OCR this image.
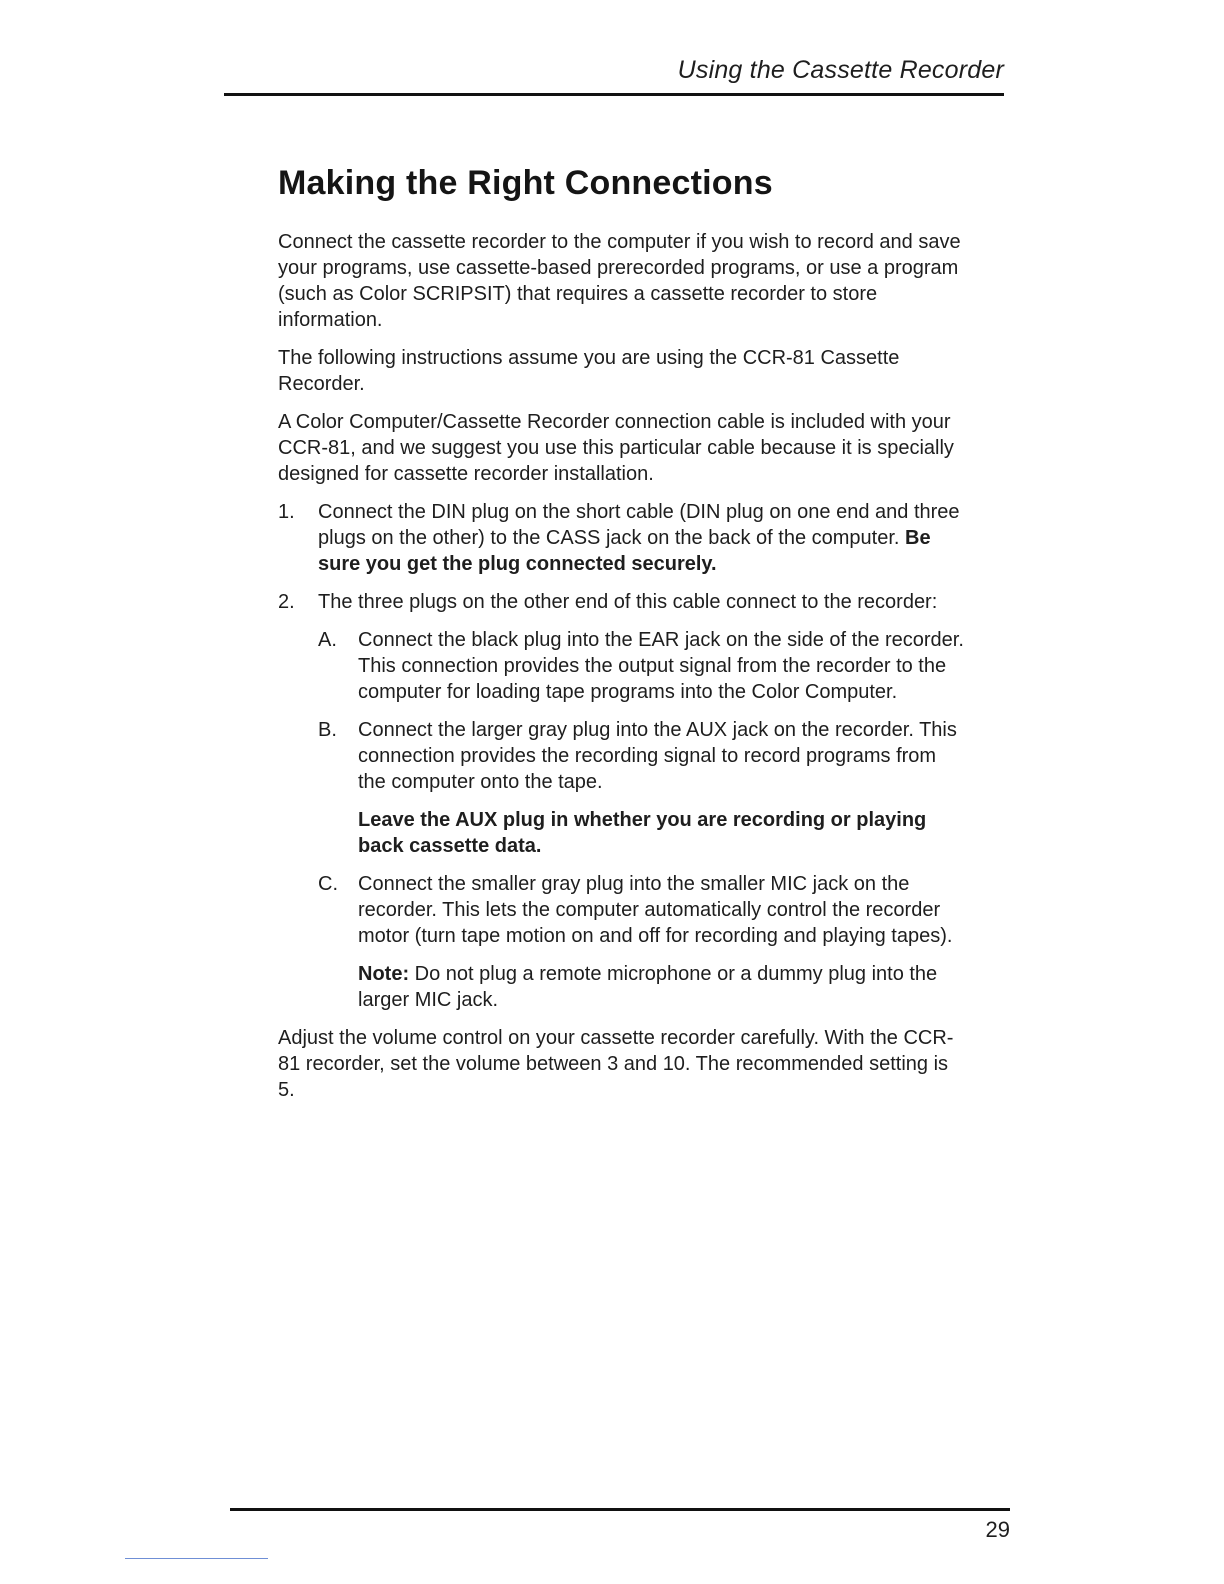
Using the Cassette Recorder
Making the Right Connections

Connect the cassette recorder to the computer if you wish to record and save your programs, use cassette-based prerecorded programs, or use a program (such as Color SCRIPSIT) that requires a cassette recorder to store information.

The following instructions assume you are using the CCR-81 Cassette Recorder.

A Color Computer/Cassette Recorder connection cable is included with your CCR-81, and we suggest you use this particular cable because it is specially designed for cassette recorder installation.

1.	Connect the DIN plug on the short cable (DIN plug on one end and three plugs on the other) to the CASS jack on the back of the computer. Be sure you get the plug connected securely.
2.	The three plugs on the other end of this cable connect to the recorder:
A.	Connect the black plug into the EAR jack on the side of the recorder. This connection provides the output signal from the recorder to the computer for loading tape programs into the Color Computer.
B.	Connect the larger gray plug into the AUX jack on the recorder. This connection provides the recording signal to record programs from the computer onto the tape.

Leave the AUX plug in whether you are recording or playing back cassette data.

C.	Connect the smaller gray plug into the smaller MIC jack on the recorder. This lets the computer automatically control the recorder motor (turn tape motion on and off for recording and playing tapes).

Note: Do not plug a remote microphone or a dummy plug into the larger MIC jack.

Adjust the volume control on your cassette recorder carefully. With the CCR-81 recorder, set the volume between 3 and 10. The recommended setting is 5.

29
